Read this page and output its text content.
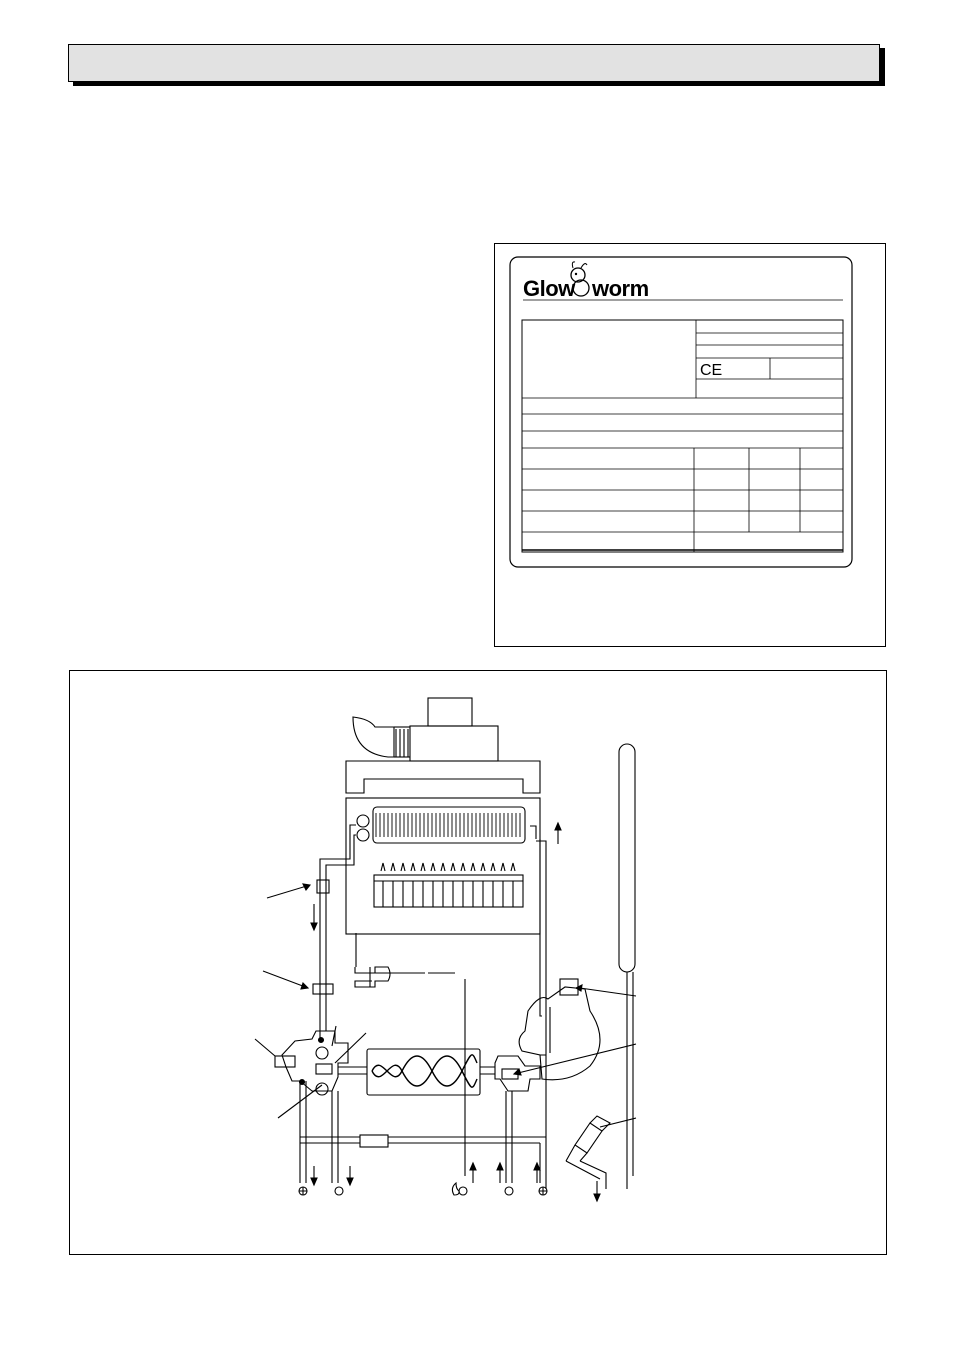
Glow worm
CE
